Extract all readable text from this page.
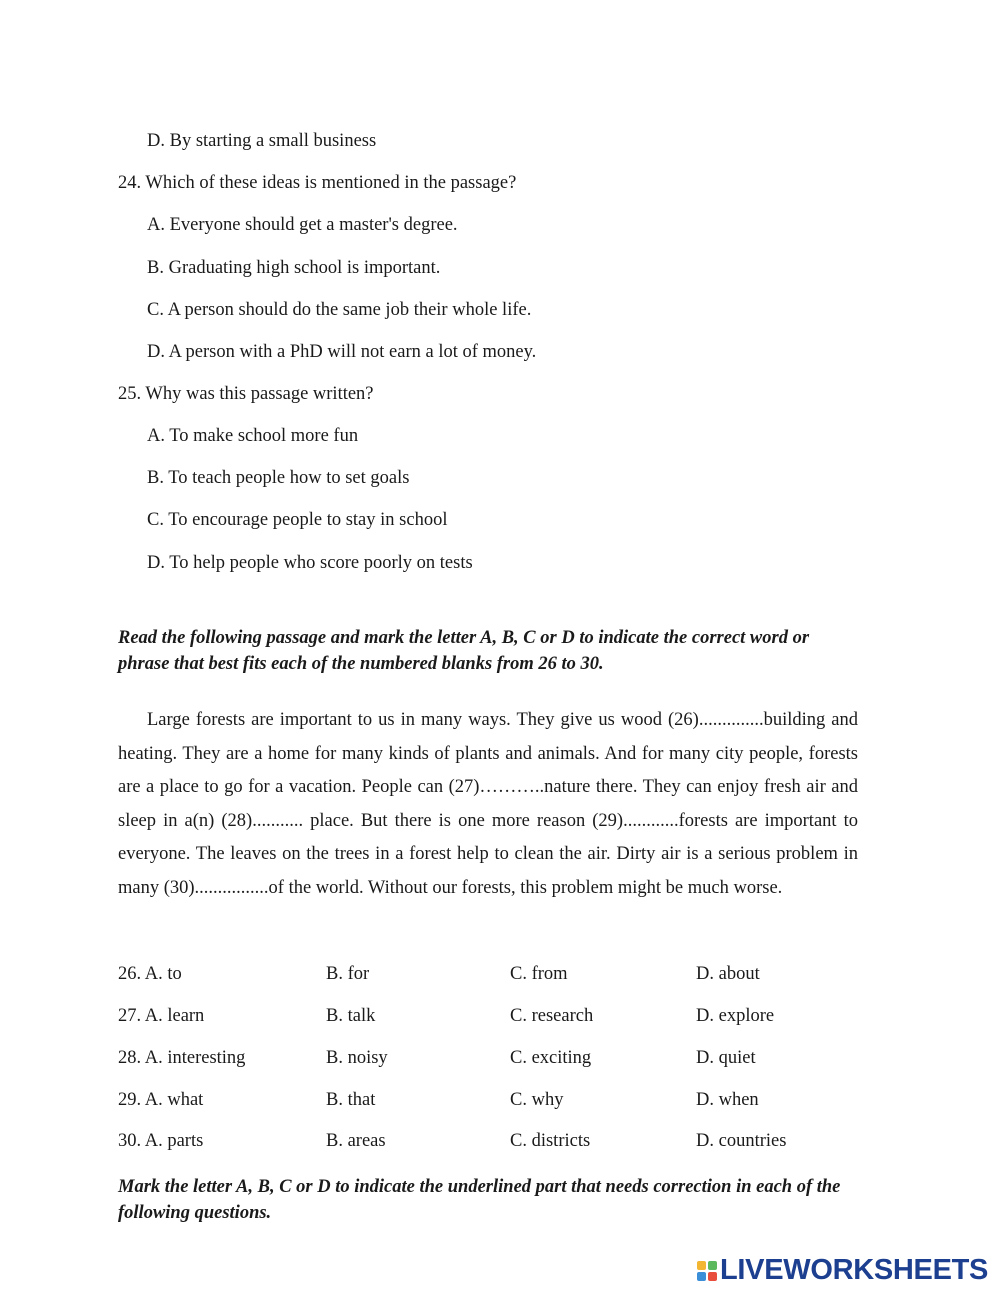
D. By starting a small business
24. Which of these ideas is mentioned in the passage?
A. Everyone should get a master's degree.
B. Graduating high school is important.
C. A person should do the same job their whole life.
D. A person with a PhD will not earn a lot of money.
25. Why was this passage written?
A. To make school more fun
B. To teach people how to set goals
C. To encourage people to stay in school
D. To help people who score poorly on tests
Read the following passage and mark the letter A, B, C or D to indicate the correct word or
phrase that best fits each of the numbered blanks from 26 to 30.
Large forests are important to us in many ways. They give us wood (26)..............building and heating. They are a home for many kinds of plants and animals. And for many city people, forests are a place to go for a vacation. People can (27)………..nature there. They can enjoy fresh air and sleep in a(n) (28)........... place. But there is one more reason (29)............forests are important to everyone. The leaves on the trees in a forest help to clean the air. Dirty air is a serious problem in many (30)................of the world. Without our forests, this problem might be much worse.
26. A. to	B. for	C. from	D. about
27. A. learn	B. talk	C. research	D. explore
28. A. interesting	B. noisy	C. exciting	D. quiet
29. A. what	B. that	C. why	D. when
30. A. parts	B. areas	C. districts	D. countries
Mark the letter A, B, C or D to indicate the underlined part that needs correction in each of the
following questions.
LIVEWORKSHEETS
